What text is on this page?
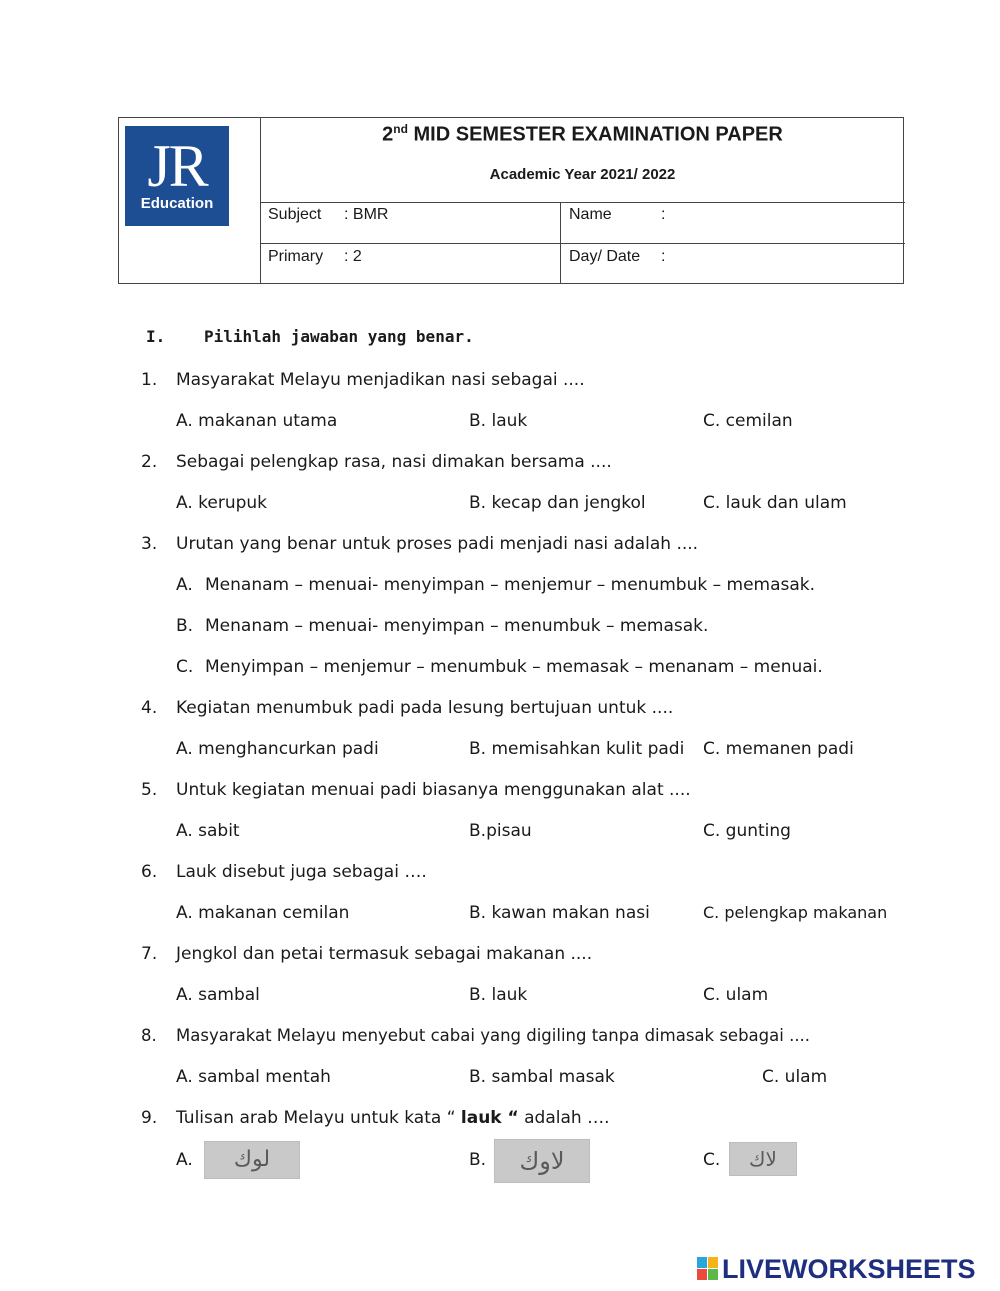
JR
Education
2nd MID SEMESTER EXAMINATION PAPER
Academic Year 2021/ 2022
Subject : BMR	Name	:
Primary : 2	Day/ Date :
I. Pilihlah jawaban yang benar.
1. Masyarakat Melayu menjadikan nasi sebagai ....
A. makanan utama	B. lauk	C. cemilan
2. Sebagai pelengkap rasa, nasi dimakan bersama ....
A. kerupuk	B. kecap dan jengkol	C. lauk dan ulam
3. Urutan yang benar untuk proses padi menjadi nasi adalah ....
A. Menanam – menuai- menyimpan – menjemur – menumbuk – memasak.
B. Menanam – menuai- menyimpan – menumbuk – memasak.
C. Menyimpan – menjemur – menumbuk – memasak – menanam – menuai.
4. Kegiatan menumbuk padi pada lesung bertujuan untuk ....
A. menghancurkan padi	B. memisahkan kulit padi C. memanen padi
5. Untuk kegiatan menuai padi biasanya menggunakan alat ....
A. sabit	B.pisau	C. gunting
6. Lauk disebut juga sebagai ….
A. makanan cemilan	B. kawan makan nasi	C. pelengkap makanan
7. Jengkol dan petai termasuk sebagai makanan ....
A. sambal	B. lauk	C. ulam
8. Masyarakat Melayu menyebut cabai yang digiling tanpa dimasak sebagai ....
A. sambal mentah	B. sambal masak	C. ulam
9. Tulisan arab Melayu untuk kata “ lauk “ adalah ….
A.	لوك	B.	لاوك	C.	لاك
LIVEWORKSHEETS
